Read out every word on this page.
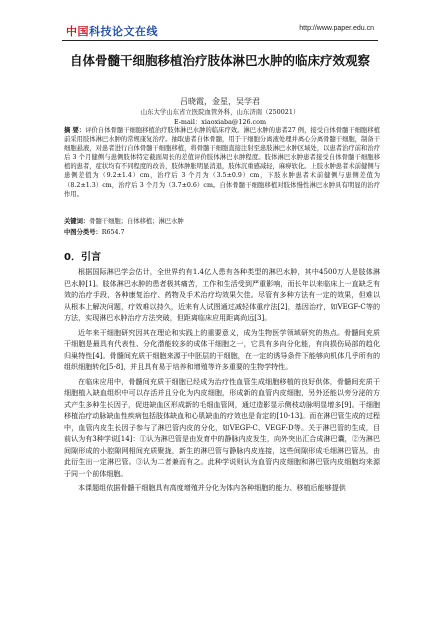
中国科技论文在线	http://www.paper.edu.cn
自体骨髓干细胞移植治疗肢体淋巴水肿的临床疗效观察
吕晓霞，金星，吴学君
山东大学山东省立医院血管外科，山东济南（250021）
E-mail：xiaoxiaba@126.com
摘 要：评价自体骨髓干细胞移植治疗肢体淋巴水肿的临床疗效。淋巴水肿的患者27 例，接受自体骨髓干细胞移植前采用肢体淋巴水肿的常规康复治疗。抽取患者自体骨髓，用于干细胞分离液处理并离心分离骨髓干细胞，制备干细胞悬液，对患者进行自体骨髓干细胞移植，将骨髓干细胞直接注射至患肢淋巴水肿区域处，以患者治疗前和治疗后 3 个月健侧与患侧肢体特定截面周长的差值评价肢体淋巴水肿程度。肢体淋巴水肿患者接受自体骨髓干细胞移植的患者，症状均有不同程度的改善，肢体肿胀明显消退，肢体沉重感减轻，麻痹软化。上肢水肿患者术前健侧与患侧差值为（9.2±1.4）cm，治疗后 3 个月为（3.5±0.9）cm，下肢水肿患者术前健侧与患侧差值为（8.2±1.3）cm，治疗后 3 个月为（3.7±0.6）cm。自体骨髓干细胞移植对肢体慢性淋巴水肿具有明显的治疗作用。
关键词：骨髓干细胞；自体移植；淋巴水肿
中图分类号：R654.7
0．引言

根据国际淋巴学会估计，全世界约有1.4亿人患有各种类型的淋巴水肿，其中4500万人是肢体淋巴水肿[1]。肢体淋巴水肿的患者极其痛苦，工作和生活受到严重影响，而长年以来临床上一直缺乏有效的治疗手段，各种康复治疗、药物及手术治疗均效果欠佳。尽管有多种方法有一定的效果，但难以从根本上解决问题，疗效难以持久，近来有人试图通过减轻体重疗法[2]，基因治疗，如VEGF-C等的方法，实现淋巴水肿治疗方法突破，但距离临床应用距离尚远[3]。

近年来干细胞研究因其在理论和实践上的重要意义，成为生物医学领域研究的热点。骨髓间充质干细胞是最具有代表性、分化潜能较多的成体干细胞之一，它具有多向分化能，有向损伤局部的趋化归巢特性[4]。骨髓间充质干细胞来源于中胚层的干细胞，在一定的诱导条件下能够向机体几乎所有的组织细胞转化[5-8]，并且具有易于培养和增殖等许多重要的生物学特性。

在临床应用中，骨髓间充质干细胞已经成为治疗性血管生成细胞移植的良好供体，骨髓间充质干细胞植入缺血组织中可以存活并且分化为内皮细胞，形成新的血管内皮细胞，另外还能以旁分泌的方式产生多种生长因子，促进缺血区形成新的毛细血管网，通过造影显示侧枝动脉明显增多[9]。干细胞移植治疗动脉缺血性疾病包括肢体缺血和心肌缺血的疗效也是肯定的[10-13]。而在淋巴管生成的过程中，血管内皮生长因子参与了淋巴管内皮的分化，如VEGF-C、VEGF-D等。关于淋巴管的生成，目前认为有3种学说[14]：①认为淋巴管是由发育中的静脉内皮发生，向外突出汇合成淋巴囊，②为淋巴间隙形成的小腔隙网相间充质聚拢，新生的淋巴管与静脉内皮连接，这些间隙形成毛细淋巴管丛，由此衍生出一定淋巴管。③认为二者兼而有之。此种学说则认为血管内皮细胞和淋巴管内皮细胞均来源于同一个前体细胞。

本课题组依据骨髓干细胞具有高度增殖并分化为体内各种细胞的能力、移植后能够提供
